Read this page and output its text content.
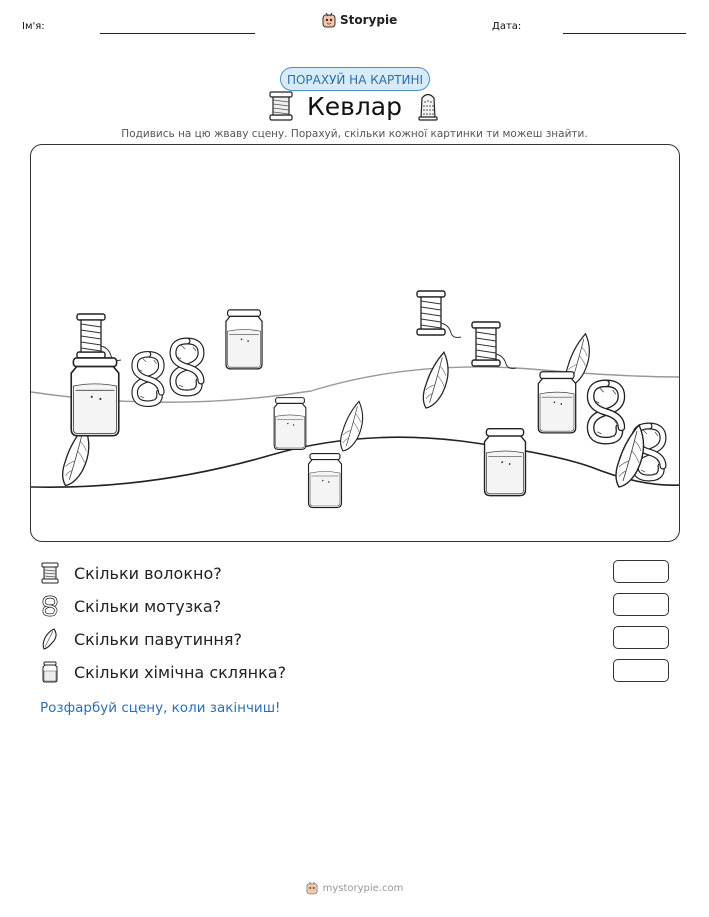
Ім'я:	Storypie	Дата:
ПОРАХУЙ НА КАРТИНІ
Кевлар
Подивись на цю жваву сцену. Порахуй, скільки кожної картинки ти можеш знайти.
Скільки волокно?
Скільки мотузка?
Скільки павутиння?
Скільки хімічна склянка?
Розфарбуй сцену, коли закінчиш!
mystorypie.com
